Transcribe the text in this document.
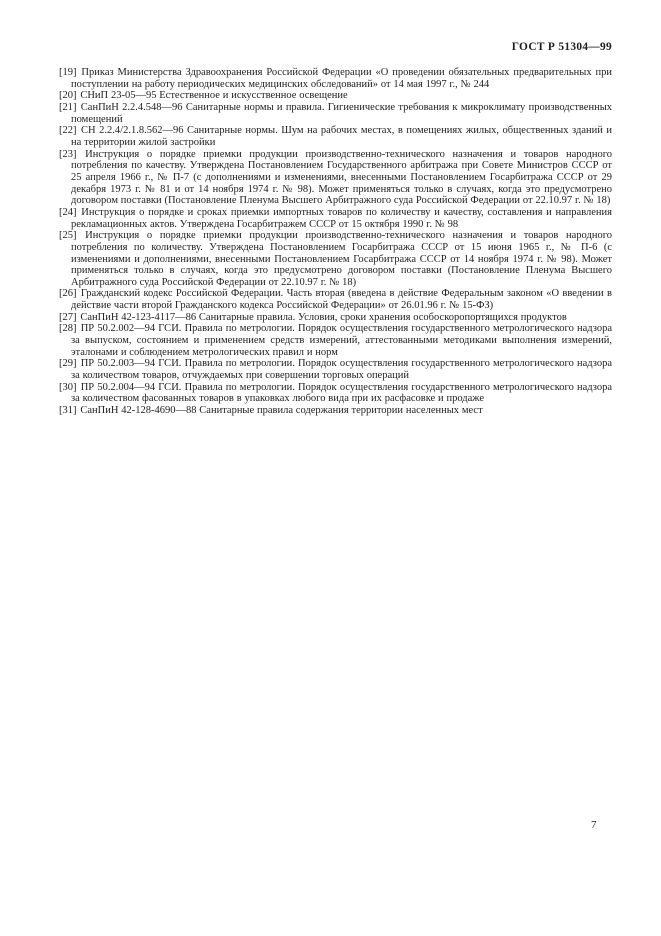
ГОСТ Р 51304—99

[19] Приказ Министерства Здравоохранения Российской Федерации «О проведении обязательных предварительных при поступлении на работу периодических медицинских обследований» от 14 мая 1997 г., № 244

[20] СНиП 23-05—95 Естественное и искусственное освещение

[21] СанПиН 2.2.4.548—96 Санитарные нормы и правила. Гигиенические требования к микроклимату производственных помещений

[22] СН 2.2.4/2.1.8.562—96 Санитарные нормы. Шум на рабочих местах, в помещениях жилых, общественных зданий и на территории жилой застройки

[23] Инструкция о порядке приемки продукции производственно-технического назначения и товаров народного потребления по качеству. Утверждена Постановлением Государственного арбитража при Совете Министров СССР от 25 апреля 1966 г., № П-7 (с дополнениями и изменениями, внесенными Постановлением Госарбитража СССР от 29 декабря 1973 г. № 81 и от 14 ноября 1974 г. № 98). Может применяться только в случаях, когда это предусмотрено договором поставки (Постановление Пленума Высшего Арбитражного суда Российской Федерации от 22.10.97 г. № 18)

[24] Инструкция о порядке и сроках приемки импортных товаров по количеству и качеству, составления и направления рекламационных актов. Утверждена Госарбитражем СССР от 15 октября 1990 г. № 98

[25] Инструкция о порядке приемки продукции производственно-технического назначения и товаров народного потребления по количеству. Утверждена Постановлением Госарбитража СССР от 15 июня 1965 г., № П-6 (с изменениями и дополнениями, внесенными Постановлением Госарбитража СССР от 14 ноября 1974 г. № 98). Может применяться только в случаях, когда это предусмотрено договором поставки (Постановление Пленума Высшего Арбитражного суда Российской Федерации от 22.10.97 г. № 18)

[26] Гражданский кодекс Российской Федерации. Часть вторая (введена в действие Федеральным законом «О введении в действие части второй Гражданского кодекса Российской Федерации» от 26.01.96 г. № 15-ФЗ)

[27] СанПиН 42-123-4117—86 Санитарные правила. Условия, сроки хранения особоскоропортящихся продуктов

[28] ПР 50.2.002—94 ГСИ. Правила по метрологии. Порядок осуществления государственного метрологического надзора за выпуском, состоянием и применением средств измерений, аттестованными методиками выполнения измерений, эталонами и соблюдением метрологических правил и норм

[29] ПР 50.2.003—94 ГСИ. Правила по метрологии. Порядок осуществления государственного метрологического надзора за количеством товаров, отчуждаемых при совершении торговых операций

[30] ПР 50.2.004—94 ГСИ. Правила по метрологии. Порядок осуществления государственного метрологического надзора за количеством фасованных товаров в упаковках любого вида при их расфасовке и продаже

[31] СанПиН 42-128-4690—88 Санитарные правила содержания территории населенных мест

7
